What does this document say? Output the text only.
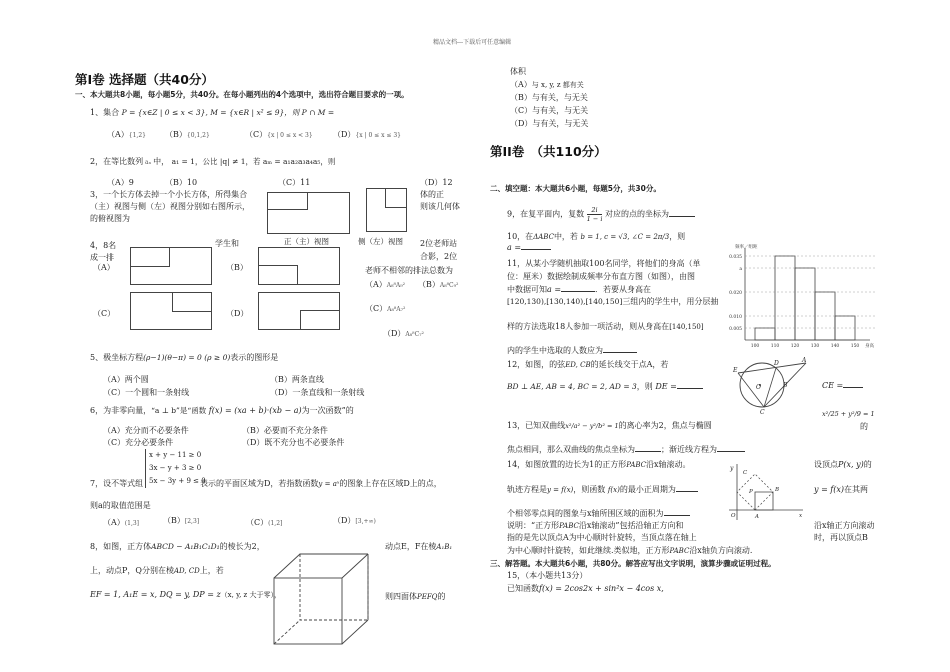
精品文档---下载后可任意编辑
第I卷 选择题（共40分）
一、本大题共8小题，每小题5分，共40分。在每小题列出的4个选项中，选出符合题目要求的一项。
1、集合 P = {x∈Z | 0 ≤ x < 3}, M = {x∈R | x² ≤ 9}，则 P ∩ M =
（A）{1,2} （B）{0,1,2}	（C）{x | 0 ≤ x < 3}	（D）{x | 0 ≤ x ≤ 3}
2，在等比数列 aₙ 中， a₁ = 1，公比 |q| ≠ 1，若 aₘ = a₁a₂a₃a₄a₅，则
（A）9	（B）10	（C）11	（D）12
3，一个长方体去掉一个小长方体，所得集合
（主）视图与侧（左）视图分别如右图所示，
的俯视图为
体的正
则该几何体
4，8名	学生和	正（主）视图	侧（左）视图 2位老师站
成一排	合影，2位
老师不相邻的排法总数为
（A）A₈⁸A₉² （B）A₈⁸C₉²
（C）A₈⁸A₇²
（D）A₈⁸C₇²
（A）	（B）
（C）	（D）
5、极坐标方程(ρ−1)(θ−π) = 0 (ρ ≥ 0)表示的图形是
（A）两个圆	（B）两条直线
（C）一个圆和一条射线	（D）一条直线和一条射线
6，为非零向量，“a ⊥ b”是“函数 f(x) = (xa + b)·(xb − a)为一次函数”的
（A）充分而不必要条件	（B）必要而不充分条件
（C）充分必要条件	（D）既不充分也不必要条件
7，设不等式组
x + y − 11 ≥ 0
3x − y + 3 ≥ 0
5x − 3y + 9 ≤ 0
表示的平面区域为D，若指数函数y = aˣ的图象上存在区域D上的点，
则a的取值范围是
（A）(1,3]	（B）[2,3]	（C）(1,2]	（D）[3,+∞)
8，如图，正方体ABCD − A₁B₁C₁D₁的棱长为2，	动点E，F在棱A₁B₁
上，动点P，Q分别在棱AD, CD上，若
EF = 1, A₁E = x, DQ = y, DP = z（x, y, z 大于零），	则四面体PEFQ的
体积
（A）与 x, y, z 都有关
（B）与有关，与无关
（C）与有关，与无关
（D）与有关，与无关
第II卷　（共110分）
二、填空题：本大题共6小题，每题5分，共30分。
9，在复平面内，复数 $\frac{2i}{1 - i}$ 对应的点的坐标为
10，在ΔABC中，若 b = 1, c = √3, ∠C = 2π/3，则
a =
11，从某小学随机抽取100名同学，将他们的身高（单
位：厘米）数据绘制成频率分布直方图（如图），由图
中数据可知a =	．若要从身高在
[120,130),[130,140),[140,150]三组内的学生中，用分层抽
样的方法选取18人参加一项活动，则从身高在[140,150]
内的学生中选取的人数应为
0.035
a
0.020
0.010
0.005
100	110	120	130	140	150
频率／组距
身高
12，如图，的弦ED, CB的延长线交于点A，若
BD ⊥ AE, AB = 4, BC = 2, AD = 3，则 DE =	CE =
E
D
O
A
B
C
13，已知双曲线x²/a² − y²/b² = 1的离心率为2，焦点与椭圆
x²/25 + y²/9 = 1
的
焦点相同，那么双曲线的焦点坐标为	；渐近线方程为
14，如图放置的边长为1的正方形PABC沿x轴滚动。	设顶点P(x, y)的
轨迹方程是y = f(x)，则函数 f(x)的最小正周期为	y = f(x)在其两
个相邻零点间的图象与x轴所围区域的面积为
说明：“正方形PABC沿x轴滚动”包括沿轴正方向和	沿x轴正方向滚动
指的是先以顶点A为中心顺时针旋转，当顶点落在轴上	时，再以顶点B
为中心顺时针旋转，如此继续.类似地，正方形PABC沿x轴负方向滚动.
y
C
B
P
A
O	x
三、解答题。本大题共6小题，共80分。解答应写出文字说明，演算步骤或证明过程。
15，（本小题共13分）
已知函数f(x) = 2cos2x + sin²x − 4cos x,
